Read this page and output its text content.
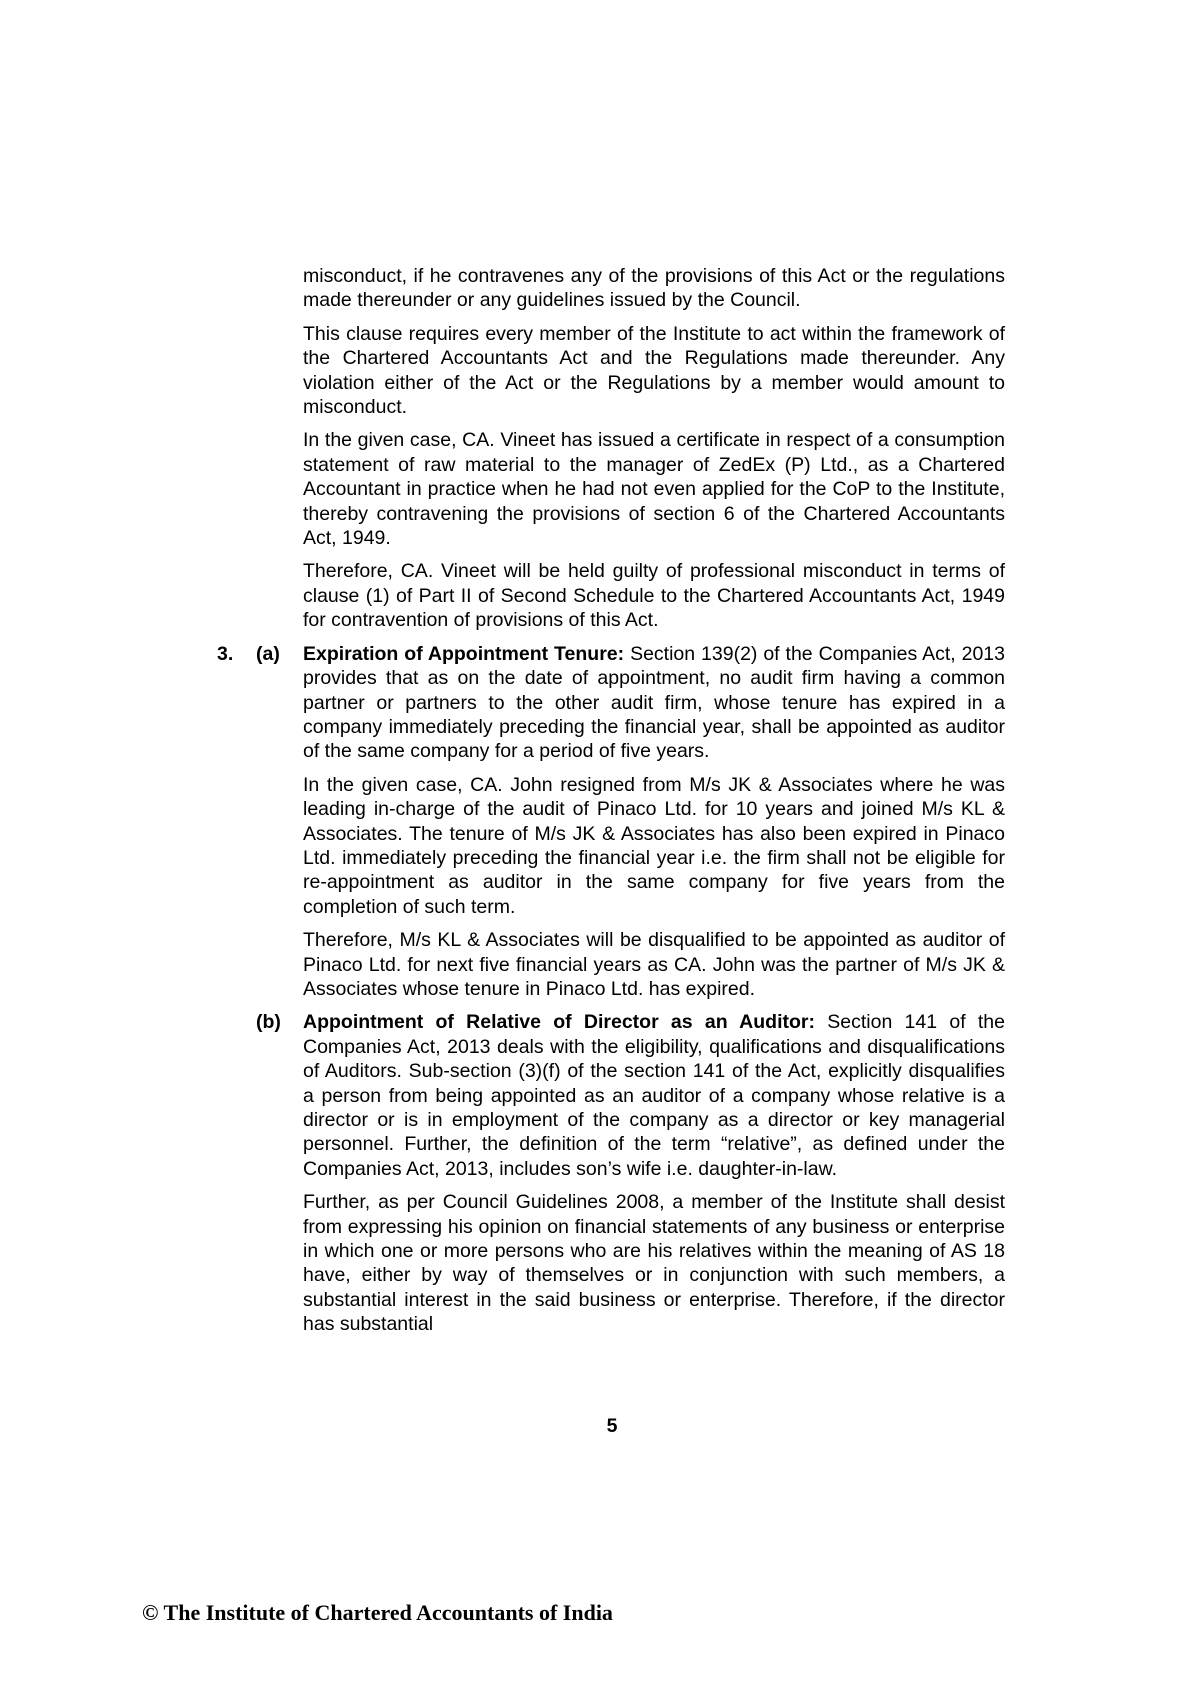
misconduct, if he contravenes any of the provisions of this Act or the regulations made thereunder or any guidelines issued by the Council.

This clause requires every member of the Institute to act within the framework of the Chartered Accountants Act and the Regulations made thereunder. Any violation either of the Act or the Regulations by a member would amount to misconduct.

In the given case, CA. Vineet has issued a certificate in respect of a consumption statement of raw material to the manager of ZedEx (P) Ltd., as a Chartered Accountant in practice when he had not even applied for the CoP to the Institute, thereby contravening the provisions of section 6 of the Chartered Accountants Act, 1949.

Therefore, CA. Vineet will be held guilty of professional misconduct in terms of clause (1) of Part II of Second Schedule to the Chartered Accountants Act, 1949 for contravention of provisions of this Act.

3. (a) Expiration of Appointment Tenure: Section 139(2) of the Companies Act, 2013 provides that as on the date of appointment, no audit firm having a common partner or partners to the other audit firm, whose tenure has expired in a company immediately preceding the financial year, shall be appointed as auditor of the same company for a period of five years.

In the given case, CA. John resigned from M/s JK & Associates where he was leading in-charge of the audit of Pinaco Ltd. for 10 years and joined M/s KL & Associates. The tenure of M/s JK & Associates has also been expired in Pinaco Ltd. immediately preceding the financial year i.e. the firm shall not be eligible for re-appointment as auditor in the same company for five years from the completion of such term.

Therefore, M/s KL & Associates will be disqualified to be appointed as auditor of Pinaco Ltd. for next five financial years as CA. John was the partner of M/s JK & Associates whose tenure in Pinaco Ltd. has expired.

(b) Appointment of Relative of Director as an Auditor: Section 141 of the Companies Act, 2013 deals with the eligibility, qualifications and disqualifications of Auditors. Sub-section (3)(f) of the section 141 of the Act, explicitly disqualifies a person from being appointed as an auditor of a company whose relative is a director or is in employment of the company as a director or key managerial personnel. Further, the definition of the term “relative”, as defined under the Companies Act, 2013, includes son’s wife i.e. daughter-in-law.

Further, as per Council Guidelines 2008, a member of the Institute shall desist from expressing his opinion on financial statements of any business or enterprise in which one or more persons who are his relatives within the meaning of AS 18 have, either by way of themselves or in conjunction with such members, a substantial interest in the said business or enterprise. Therefore, if the director has substantial

5
© The Institute of Chartered Accountants of India
